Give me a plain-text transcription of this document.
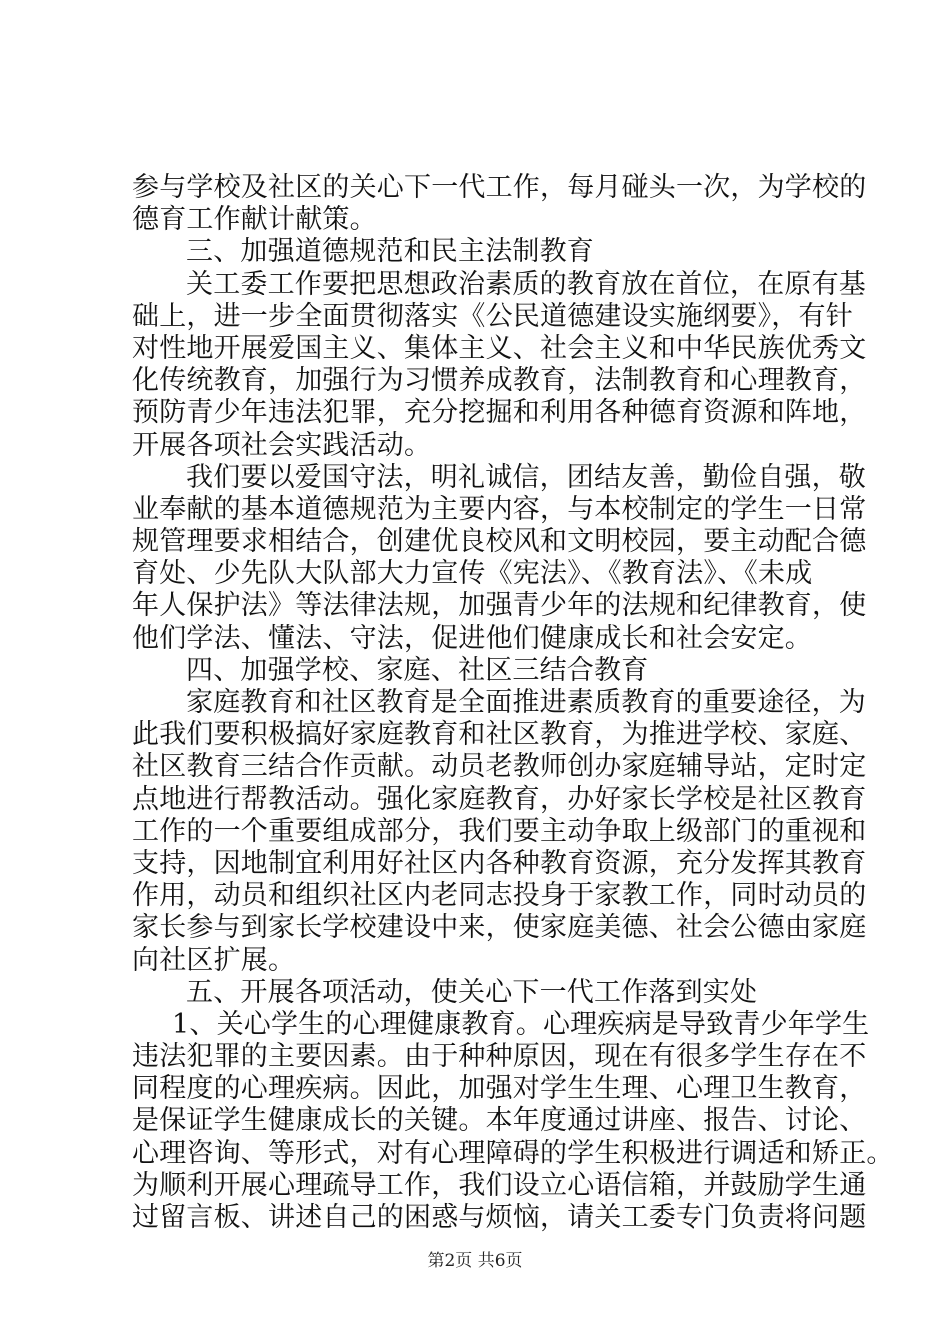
参与学校及社区的关心下一代工作，每月碰头一次，为学校的
德育工作献计献策。
三、加强道德规范和民主法制教育
关工委工作要把思想政治素质的教育放在首位，在原有基
础上，进一步全面贯彻落实《公民道德建设实施纲要》，有针
对性地开展爱国主义、集体主义、社会主义和中华民族优秀文
化传统教育，加强行为习惯养成教育，法制教育和心理教育，
预防青少年违法犯罪，充分挖掘和利用各种德育资源和阵地，
开展各项社会实践活动。
我们要以爱国守法，明礼诚信，团结友善，勤俭自强，敬
业奉献的基本道德规范为主要内容，与本校制定的学生一日常
规管理要求相结合，创建优良校风和文明校园，要主动配合德
育处、少先队大队部大力宣传《宪法》、《教育法》、《未成
年人保护法》等法律法规，加强青少年的法规和纪律教育，使
他们学法、懂法、守法，促进他们健康成长和社会安定。
四、加强学校、家庭、社区三结合教育
家庭教育和社区教育是全面推进素质教育的重要途径，为
此我们要积极搞好家庭教育和社区教育，为推进学校、家庭、
社区教育三结合作贡献。动员老教师创办家庭辅导站，定时定
点地进行帮教活动。强化家庭教育，办好家长学校是社区教育
工作的一个重要组成部分，我们要主动争取上级部门的重视和
支持，因地制宜利用好社区内各种教育资源，充分发挥其教育
作用，动员和组织社区内老同志投身于家教工作，同时动员的
家长参与到家长学校建设中来，使家庭美德、社会公德由家庭
向社区扩展。
五、开展各项活动，使关心下一代工作落到实处
1、关心学生的心理健康教育。心理疾病是导致青少年学生
违法犯罪的主要因素。由于种种原因，现在有很多学生存在不
同程度的心理疾病。因此，加强对学生生理、心理卫生教育，
是保证学生健康成长的关键。本年度通过讲座、报告、讨论、
心理咨询、等形式，对有心理障碍的学生积极进行调适和矫正。
为顺利开展心理疏导工作，我们设立心语信箱，并鼓励学生通
过留言板、讲述自己的困惑与烦恼，请关工委专门负责将问题
第2页 共6页
